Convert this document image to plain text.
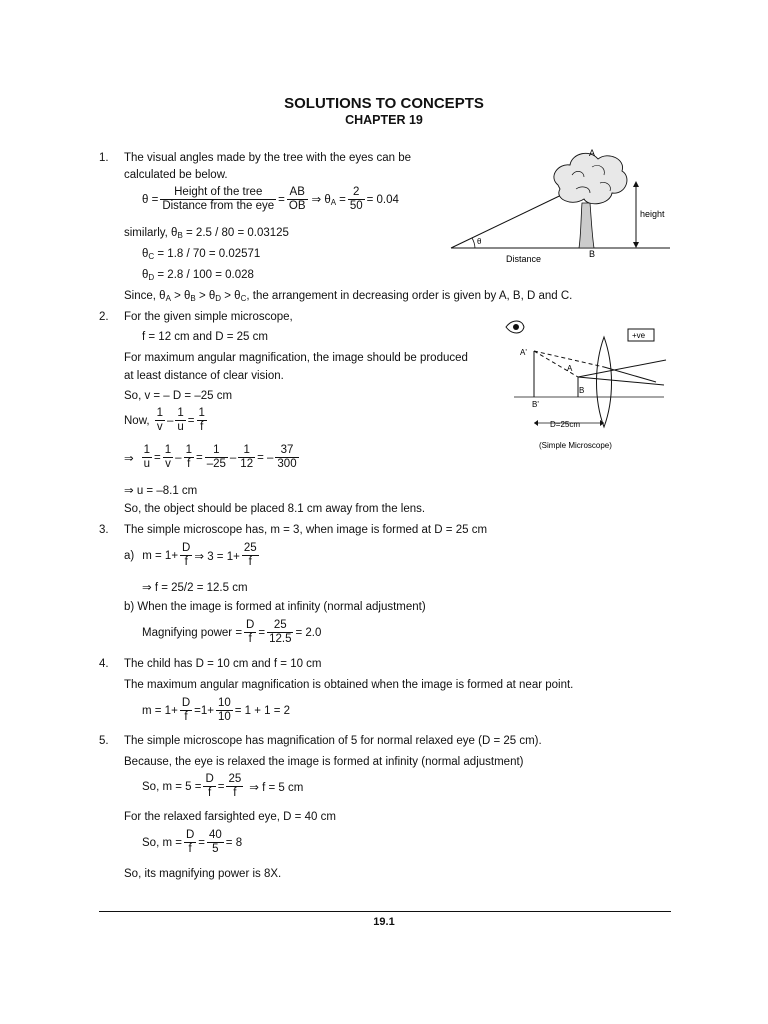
SOLUTIONS TO CONCEPTS
CHAPTER 19
1. The visual angles made by the tree with the eyes can be
calculated be below.
$\theta = \frac{\text{Height of the tree}}{\text{Distance from the eye}} = \frac{AB}{OB}$ ⇒ $\theta_A = \frac{2}{50} = 0.04$
similarly, $\theta_B = 2.5 / 80 = 0.03125$
$\theta_C = 1.8 / 70 = 0.02571$
$\theta_D = 2.8 / 100 = 0.028$
Since, $\theta_A > \theta_B > \theta_D > \theta_C$, the arrangement in decreasing order is given by A, B, D and C.
θ
A
B
height
Distance
2. For the given simple microscope,
f = 12 cm and D = 25 cm
For maximum angular magnification, the image should be produced
at least distance of clear vision.
So, v = – D = –25 cm
Now, $\frac{1}{v} - \frac{1}{u} = \frac{1}{f}$
⇒ $\frac{1}{u} = \frac{1}{v} - \frac{1}{f} = \frac{1}{-25} - \frac{1}{12}$ = – $\frac{37}{300}$
⇒ u = –8.1 cm
So, the object should be placed 8.1 cm away from the lens.
+ve
A'
A
B'
B
D=25cm
(Simple Microscope)
3. The simple microscope has, m = 3, when image is formed at D = 25 cm
a) $m = 1+ \frac{D}{f}$ ⇒ $3 = 1+ \frac{25}{f}$
⇒ f = 25/2 = 12.5 cm
b) When the image is formed at infinity (normal adjustment)
Magnifying power = $\frac{D}{f} = \frac{25}{12.5} = 2.0$
4. The child has D = 10 cm and f = 10 cm
The maximum angular magnification is obtained when the image is formed at near point.
$m = 1+ \frac{D}{f} =1+ \frac{10}{10} = 1 + 1 = 2$
5. The simple microscope has magnification of 5 for normal relaxed eye (D = 25 cm).
Because, the eye is relaxed the image is formed at infinity (normal adjustment)
So, $m = 5 = \frac{D}{f} = \frac{25}{f}$ ⇒ f = 5 cm
For the relaxed farsighted eye, D = 40 cm
So, $m = \frac{D}{f} = \frac{40}{5} = 8$
So, its magnifying power is 8X.
19.1
